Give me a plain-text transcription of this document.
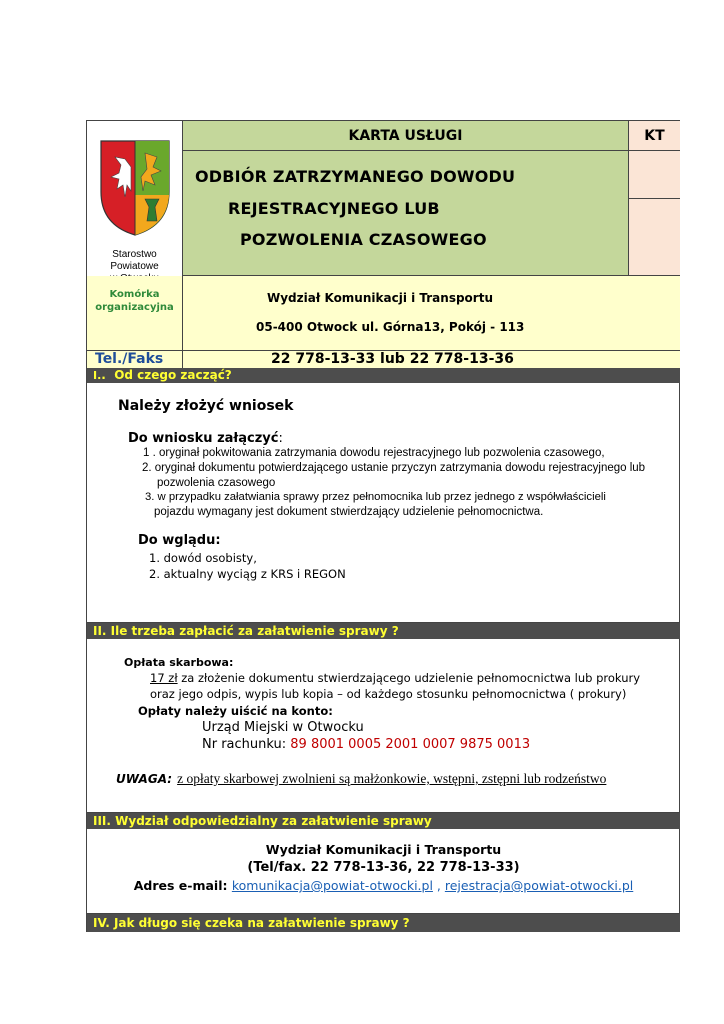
Starostwo
Powiatowe
KARTA USŁUGI	KT
ODBIÓR ZATRZYMANEGO DOWODU
REJESTRACYJNEGO LUB
POZWOLENIA CZASOWEGO
Komórka
organizacyjna
Wydział Komunikacji i Transportu
05-400 Otwock ul. Górna13, Pokój - 113
Tel./Faks	22 778-13-33 lub 22 778-13-36
I.. Od czego zacząć?
Należy złożyć wniosek
Do wniosku załączyć:
1 . oryginał pokwitowania zatrzymania dowodu rejestracyjnego lub pozwolenia czasowego,
2. oryginał dokumentu potwierdzającego ustanie przyczyn zatrzymania dowodu rejestracyjnego lub
pozwolenia czasowego
3. w przypadku załatwiania sprawy przez pełnomocnika lub przez jednego z współwłaścicieli
pojazdu wymagany jest dokument stwierdzający udzielenie pełnomocnictwa.
Do wglądu:
1. dowód osobisty,
2. aktualny wyciąg z KRS i REGON
II. Ile trzeba zapłacić za załatwienie sprawy ?
Opłata skarbowa:
17 zł za złożenie dokumentu stwierdzającego udzielenie pełnomocnictwa lub prokury
oraz jego odpis, wypis lub kopia – od każdego stosunku pełnomocnictwa ( prokury)
Opłaty należy uiścić na konto:
Urząd Miejski w Otwocku
Nr rachunku: 89 8001 0005 2001 0007 9875 0013
UWAGA: z opłaty skarbowej zwolnieni są małżonkowie, wstępni, zstępni lub rodzeństwo
III. Wydział odpowiedzialny za załatwienie sprawy
Wydział Komunikacji i Transportu
(Tel/fax. 22 778-13-36, 22 778-13-33)
Adres e-mail: komunikacja@powiat-otwocki.pl , rejestracja@powiat-otwocki.pl
IV. Jak długo się czeka na załatwienie sprawy ?
